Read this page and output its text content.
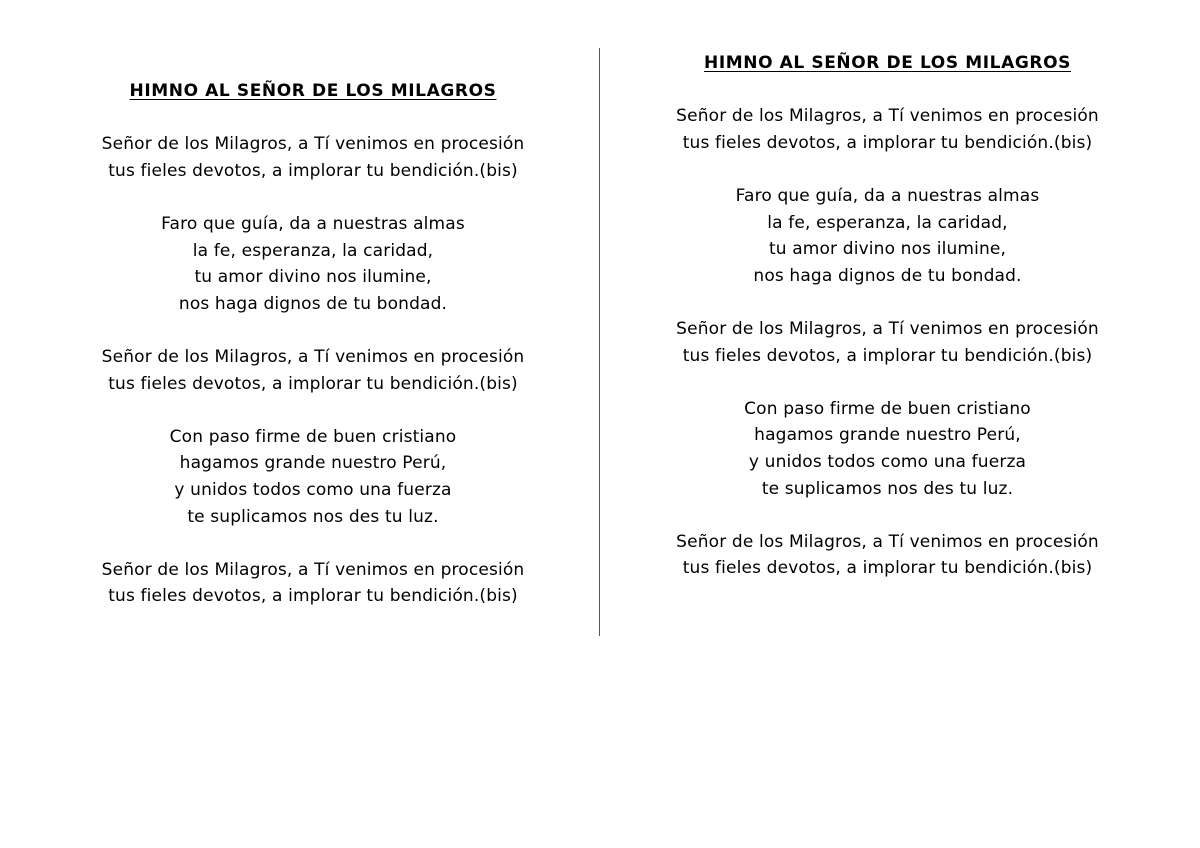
HIMNO AL SEÑOR DE LOS MILAGROS
Señor de los Milagros, a Tí venimos en procesión
tus fieles devotos, a implorar tu bendición.(bis)
Faro que guía, da a nuestras almas
la fe, esperanza, la caridad,
tu amor divino nos ilumine,
nos haga dignos de tu bondad.
Señor de los Milagros, a Tí venimos en procesión
tus fieles devotos, a implorar tu bendición.(bis)
Con paso firme de buen cristiano
hagamos grande nuestro Perú,
y unidos todos como una fuerza
te suplicamos nos des tu luz.
Señor de los Milagros, a Tí venimos en procesión
tus fieles devotos, a implorar tu bendición.(bis)
HIMNO AL SEÑOR DE LOS MILAGROS
Señor de los Milagros, a Tí venimos en procesión
tus fieles devotos, a implorar tu bendición.(bis)
Faro que guía, da a nuestras almas
la fe, esperanza, la caridad,
tu amor divino nos ilumine,
nos haga dignos de tu bondad.
Señor de los Milagros, a Tí venimos en procesión
tus fieles devotos, a implorar tu bendición.(bis)
Con paso firme de buen cristiano
hagamos grande nuestro Perú,
y unidos todos como una fuerza
te suplicamos nos des tu luz.
Señor de los Milagros, a Tí venimos en procesión
tus fieles devotos, a implorar tu bendición.(bis)
